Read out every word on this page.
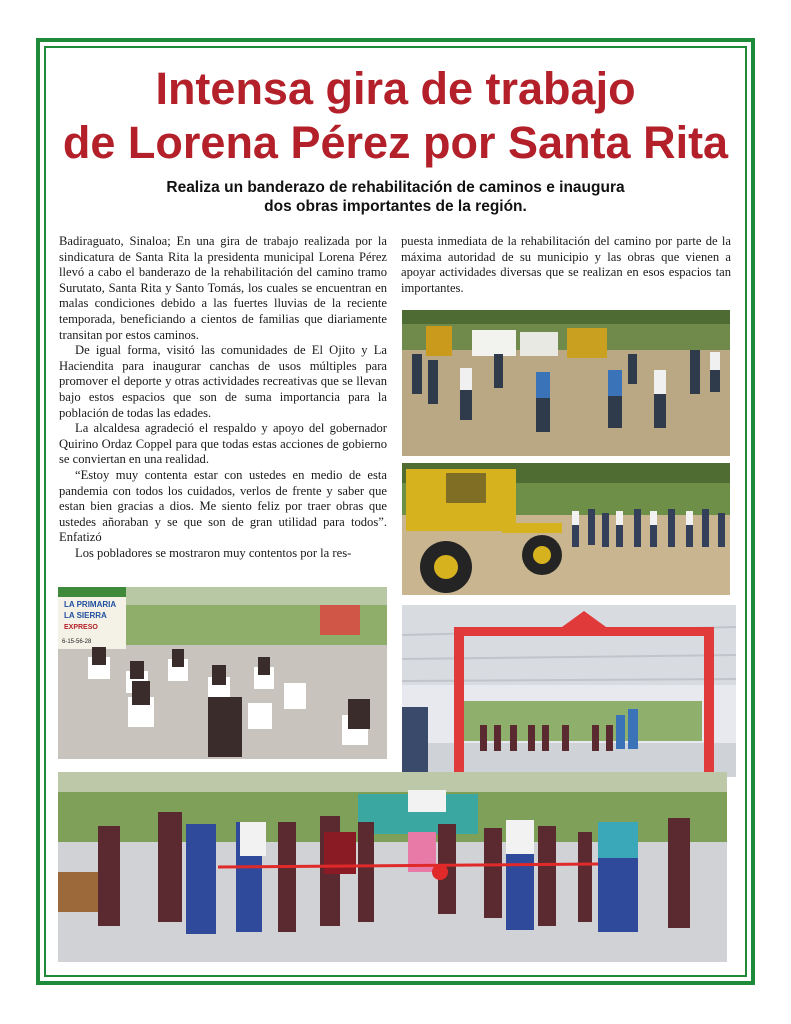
Intensa gira de trabajo
de Lorena Pérez por Santa Rita
Realiza un banderazo de rehabilitación de caminos e inaugura
dos obras importantes de la región.

Badiraguato, Sinaloa; En una gira de trabajo realizada por la sindicatura de Santa Rita la presidenta municipal Lorena Pérez llevó a cabo el banderazo de la rehabilitación del camino tramo Surutato, Santa Rita y Santo Tomás, los cuales se encuentran en malas condiciones debido a las fuertes lluvias de la reciente temporada, beneficiando a cientos de familias que diariamente transitan por estos caminos.

De igual forma, visitó las comunidades de El Ojito y La Haciendita para inaugurar canchas de usos múltiples para promover el deporte y otras actividades recreativas que se llevan bajo estos espacios que son de suma importancia para la población de todas las edades.

La alcaldesa agradeció el respaldo y apoyo del gobernador Quirino Ordaz Coppel para que todas estas acciones de gobierno se conviertan en una realidad.

“Estoy muy contenta estar con ustedes en medio de esta pandemia con todos los cuidados, verlos de frente y saber que estan bien gracias a dios. Me siento feliz por traer obras que ustedes añoraban y se que son de gran utilidad para todos”. Enfatizó

Los pobladores se mostraron muy contentos por la res-

puesta inmediata de la rehabilitación del camino por parte de la máxima autoridad de su municipio y las obras que vienen a apoyar actividades diversas que se realizan en esos espacios tan importantes.

LA PRIMARIA
LA SIERRA
EXPRESO
6-15-56-28
